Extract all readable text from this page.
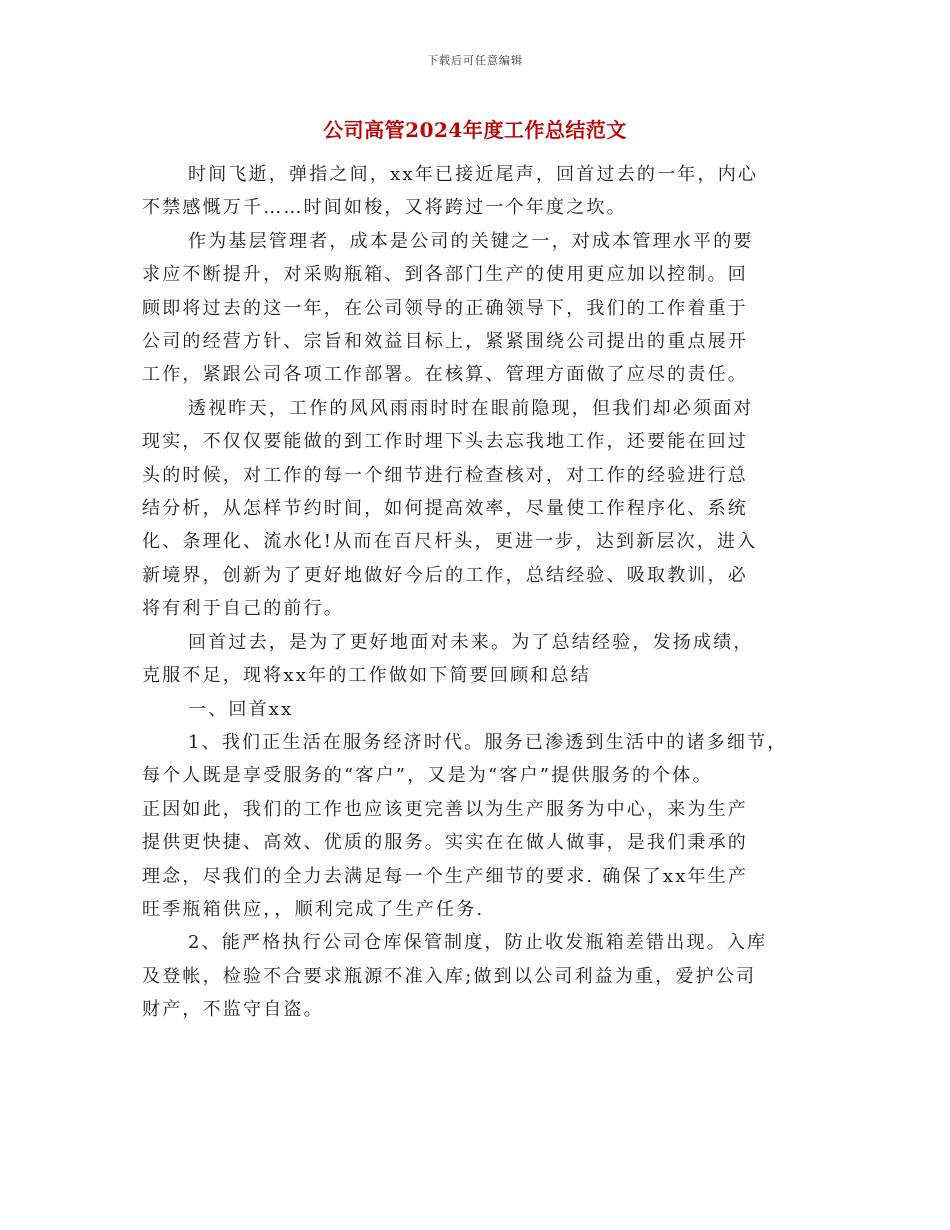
下载后可任意编辑
公司高管2024年度工作总结范文

时间飞逝，弹指之间，xx年已接近尾声，回首过去的一年，内心
不禁感慨万千……时间如梭，又将跨过一个年度之坎。

作为基层管理者，成本是公司的关键之一，对成本管理水平的要
求应不断提升，对采购瓶箱、到各部门生产的使用更应加以控制。回
顾即将过去的这一年，在公司领导的正确领导下，我们的工作着重于
公司的经营方针、宗旨和效益目标上，紧紧围绕公司提出的重点展开
工作，紧跟公司各项工作部署。在核算、管理方面做了应尽的责任。

透视昨天，工作的风风雨雨时时在眼前隐现，但我们却必须面对
现实，不仅仅要能做的到工作时埋下头去忘我地工作，还要能在回过
头的时候，对工作的每一个细节进行检查核对，对工作的经验进行总
结分析，从怎样节约时间，如何提高效率，尽量使工作程序化、系统
化、条理化、流水化!从而在百尺杆头，更进一步，达到新层次，进入
新境界，创新为了更好地做好今后的工作，总结经验、吸取教训，必
将有利于自己的前行。

回首过去，是为了更好地面对未来。为了总结经验，发扬成绩，
克服不足，现将xx年的工作做如下简要回顾和总结

一、回首xx

1、我们正生活在服务经济时代。服务已渗透到生活中的诸多细节，
每个人既是享受服务的“客户”，又是为“客户”提供服务的个体。
正因如此，我们的工作也应该更完善以为生产服务为中心，来为生产
提供更快捷、高效、优质的服务。实实在在做人做事，是我们秉承的
理念，尽我们的全力去满足每一个生产细节的要求. 确保了xx年生产
旺季瓶箱供应，，顺利完成了生产任务.

2、能严格执行公司仓库保管制度，防止收发瓶箱差错出现。入库
及登帐，检验不合要求瓶源不准入库;做到以公司利益为重，爱护公司
财产，不监守自盗。
